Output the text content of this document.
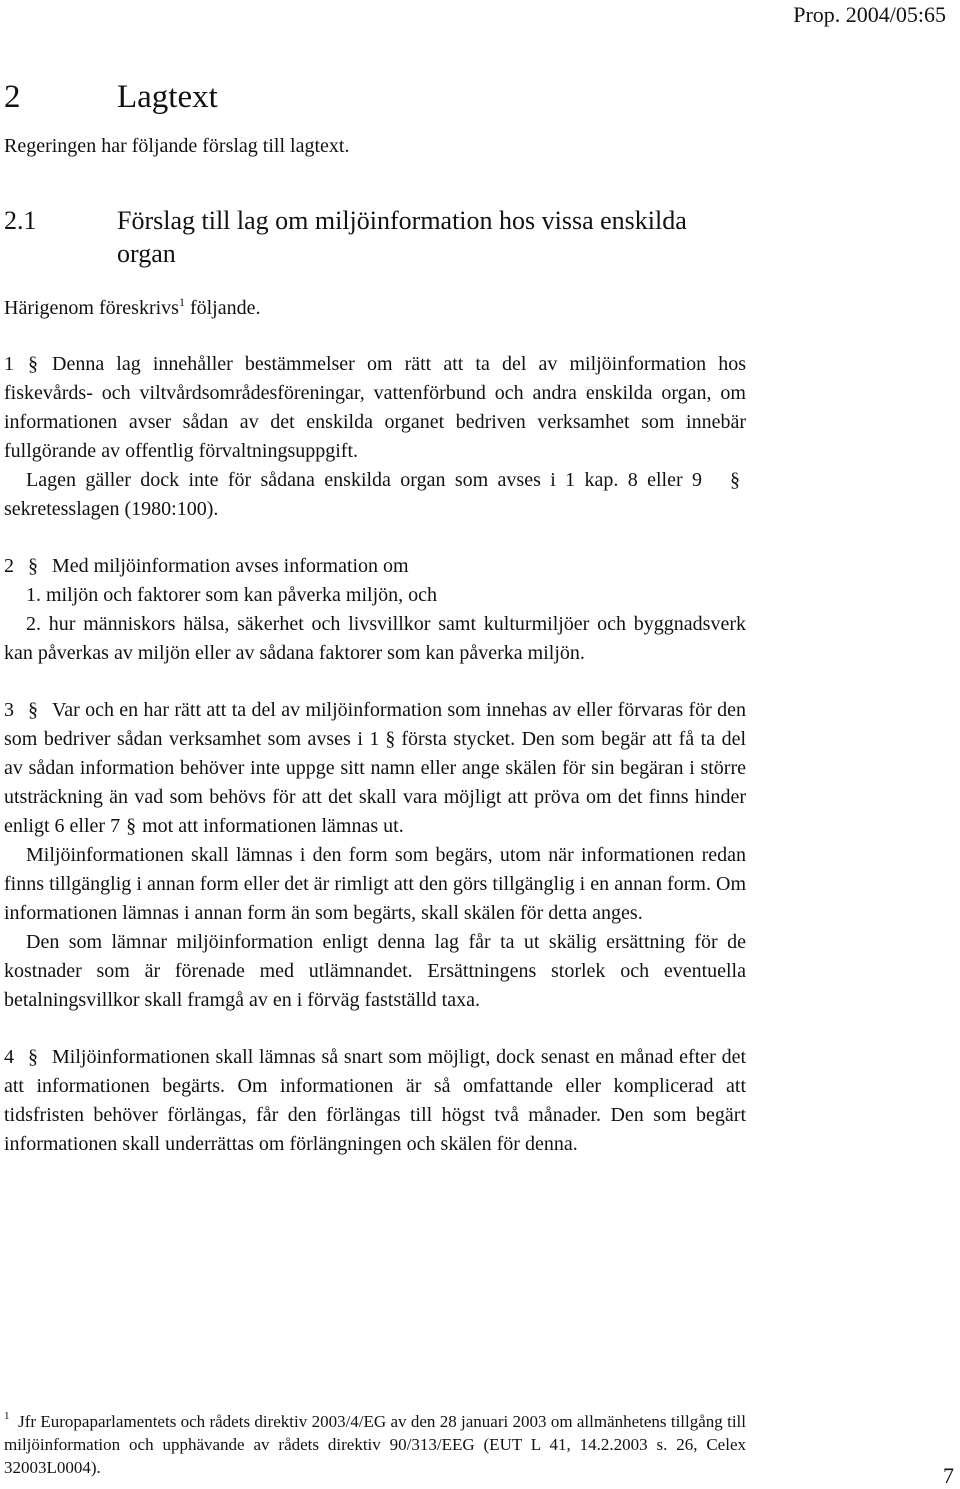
Prop. 2004/05:65
2	Lagtext

Regeringen har följande förslag till lagtext.

2.1	Förslag till lag om miljöinformation hos vissa enskilda organ

Härigenom föreskrivs$^1$ följande.

1 § Denna lag innehåller bestämmelser om rätt att ta del av miljöinformation hos fiskevårds- och viltvårdsområdesföreningar, vattenförbund och andra enskilda organ, om informationen avser sådan av det enskilda organet bedriven verksamhet som innebär fullgörande av offentlig förvaltningsuppgift.

Lagen gäller dock inte för sådana enskilda organ som avses i 1 kap. 8 eller 9 §sekretesslagen (1980:100).

2 § Med miljöinformation avses information om

1. miljön och faktorer som kan påverka miljön, och

2. hur människors hälsa, säkerhet och livsvillkor samt kulturmiljöer och byggnadsverk kan påverkas av miljön eller av sådana faktorer som kan påverka miljön.

3 § Var och en har rätt att ta del av miljöinformation som innehas av eller förvaras för den som bedriver sådan verksamhet som avses i 1 § första stycket. Den som begär att få ta del av sådan information behöver inte uppge sitt namn eller ange skälen för sin begäran i större utsträckning än vad som behövs för att det skall vara möjligt att pröva om det finns hinder enligt 6 eller 7 § mot att informationen lämnas ut.

Miljöinformationen skall lämnas i den form som begärs, utom när informationen redan finns tillgänglig i annan form eller det är rimligt att den görs tillgänglig i en annan form. Om informationen lämnas i annan form än som begärts, skall skälen för detta anges.

Den som lämnar miljöinformation enligt denna lag får ta ut skälig ersättning för de kostnader som är förenade med utlämnandet. Ersättningens storlek och eventuella betalningsvillkor skall framgå av en i förväg fastställd taxa.

4 § Miljöinformationen skall lämnas så snart som möjligt, dock senast en månad efter det att informationen begärts. Om informationen är så omfattande eller komplicerad att tidsfristen behöver förlängas, får den förlängas till högst två månader. Den som begärt informationen skall underrättas om förlängningen och skälen för denna.

$^1$ Jfr Europaparlamentets och rådets direktiv 2003/4/EG av den 28 januari 2003 om allmänhetens tillgång till miljöinformation och upphävande av rådets direktiv 90/313/EEG (EUT L 41, 14.2.2003 s. 26, Celex 32003L0004).	7
